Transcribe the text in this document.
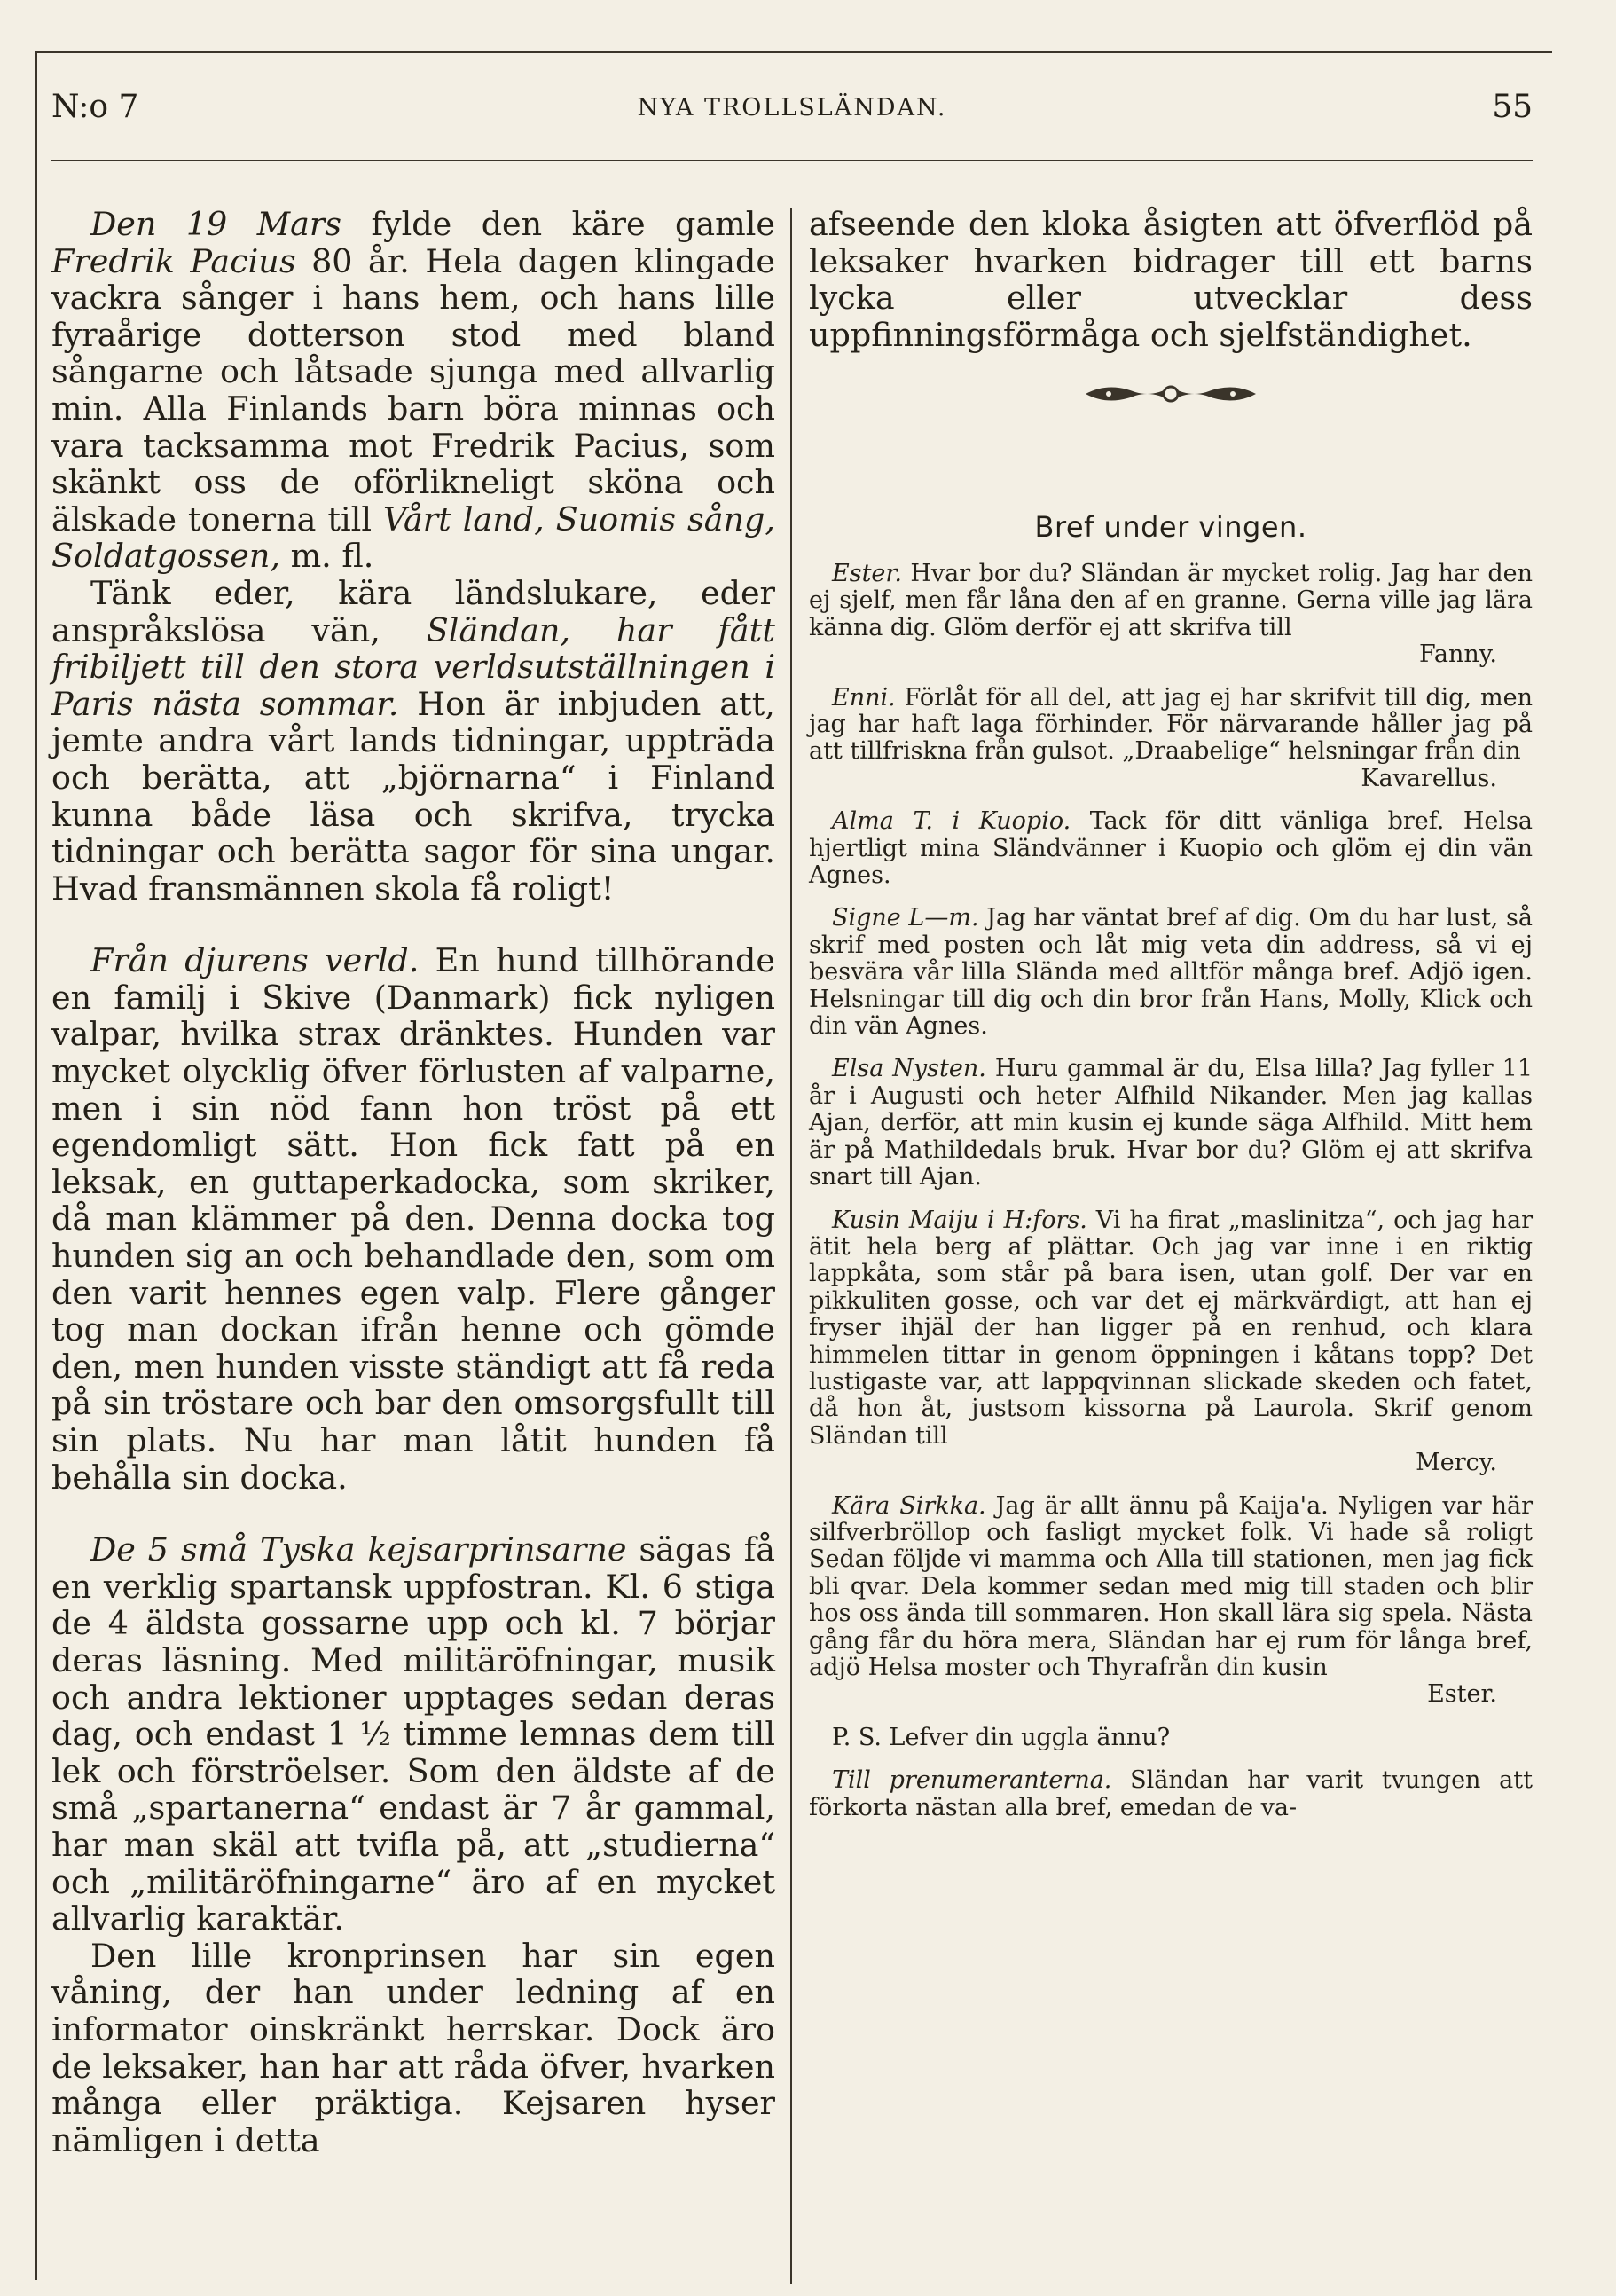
N:o 7	NYA TROLLSLÄNDAN.	55

Den 19 Mars fylde den käre gamle Fredrik Pacius 80 år. Hela dagen klingade vackra sånger i hans hem, och hans lille fyraårige dotterson stod med bland sångarne och låtsade sjunga med allvarlig min. Alla Finlands barn böra minnas och vara tacksamma mot Fredrik Pacius, som skänkt oss de oförlikneligt sköna och älskade tonerna till Vårt land, Suomis sång, Soldatgossen, m. fl.

Tänk eder, kära ländslukare, eder anspråkslösa vän, Sländan, har fått fribiljett till den stora verldsutställningen i Paris nästa sommar. Hon är inbjuden att, jemte andra vårt lands tidningar, uppträda och berätta, att „björnarna“ i Finland kunna både läsa och skrifva, trycka tidningar och berätta sagor för sina ungar. Hvad fransmännen skola få roligt!

Från djurens verld. En hund tillhörande en familj i Skive (Danmark) fick nyligen valpar, hvilka strax dränktes. Hunden var mycket olycklig öfver förlusten af valparne, men i sin nöd fann hon tröst på ett egendomligt sätt. Hon fick fatt på en leksak, en guttaperkadocka, som skriker, då man klämmer på den. Denna docka tog hunden sig an och behandlade den, som om den varit hennes egen valp. Flere gånger tog man dockan ifrån henne och gömde den, men hunden visste ständigt att få reda på sin tröstare och bar den omsorgsfullt till sin plats. Nu har man låtit hunden få behålla sin docka.

De 5 små Tyska kejsarprinsarne sägas få en verklig spartansk uppfostran. Kl. 6 stiga de 4 äldsta gossarne upp och kl. 7 börjar deras läsning. Med militäröfningar, musik och andra lektioner upptages sedan deras dag, och endast 1 ½ timme lemnas dem till lek och förströelser. Som den äldste af de små „spartanerna“ endast är 7 år gammal, har man skäl att tvifla på, att „studierna“ och „militäröfningarne“ äro af en mycket allvarlig karaktär.

Den lille kronprinsen har sin egen våning, der han under ledning af en informator oinskränkt herrskar. Dock äro de leksaker, han har att råda öfver, hvarken många eller präktiga. Kejsaren hyser nämligen i detta

afseende den kloka åsigten att öfverflöd på leksaker hvarken bidrager till ett barns lycka eller utvecklar dess uppfinningsförmåga och sjelfständighet.

Bref under vingen.
Ester. Hvar bor du? Sländan är mycket rolig. Jag har den ej sjelf, men får låna den af en granne. Gerna ville jag lära känna dig. Glöm derför ej att skrifva till
Fanny.
Enni. Förlåt för all del, att jag ej har skrifvit till dig, men jag har haft laga förhinder. För närvarande håller jag på att tillfriskna från gulsot. „Draabelige“ helsningar från din
Kavarellus.
Alma T. i Kuopio. Tack för ditt vänliga bref. Helsa hjertligt mina Sländvänner i Kuopio och glöm ej din vän Agnes.
Signe L—m. Jag har väntat bref af dig. Om du har lust, så skrif med posten och låt mig veta din address, så vi ej besvära vår lilla Slända med alltför många bref. Adjö igen. Helsningar till dig och din bror från Hans, Molly, Klick och din vän Agnes.
Elsa Nysten. Huru gammal är du, Elsa lilla? Jag fyller 11 år i Augusti och heter Alfhild Nikander. Men jag kallas Ajan, derför, att min kusin ej kunde säga Alfhild. Mitt hem är på Mathildedals bruk. Hvar bor du? Glöm ej att skrifva snart till Ajan.
Kusin Maiju i H:fors. Vi ha firat „maslinitza“, och jag har ätit hela berg af plättar. Och jag var inne i en riktig lappkåta, som står på bara isen, utan golf. Der var en pikkuliten gosse, och var det ej märkvärdigt, att han ej fryser ihjäl der han ligger på en renhud, och klara himmelen tittar in genom öppningen i kåtans topp? Det lustigaste var, att lappqvinnan slickade skeden och fatet, då hon åt, justsom kissorna på Laurola. Skrif genom Sländan till
Mercy.
Kära Sirkka. Jag är allt ännu på Kaija'a. Nyligen var här silfverbröllop och fasligt mycket folk. Vi hade så roligt Sedan följde vi mamma och Alla till stationen, men jag fick bli qvar. Dela kommer sedan med mig till staden och blir hos oss ända till sommaren. Hon skall lära sig spela. Nästa gång får du höra mera, Sländan har ej rum för långa bref, adjö Helsa moster och Thyrafrån din kusin
Ester.
P. S. Lefver din uggla ännu?
Till prenumeranterna. Sländan har varit tvungen att förkorta nästan alla bref, emedan de va-
